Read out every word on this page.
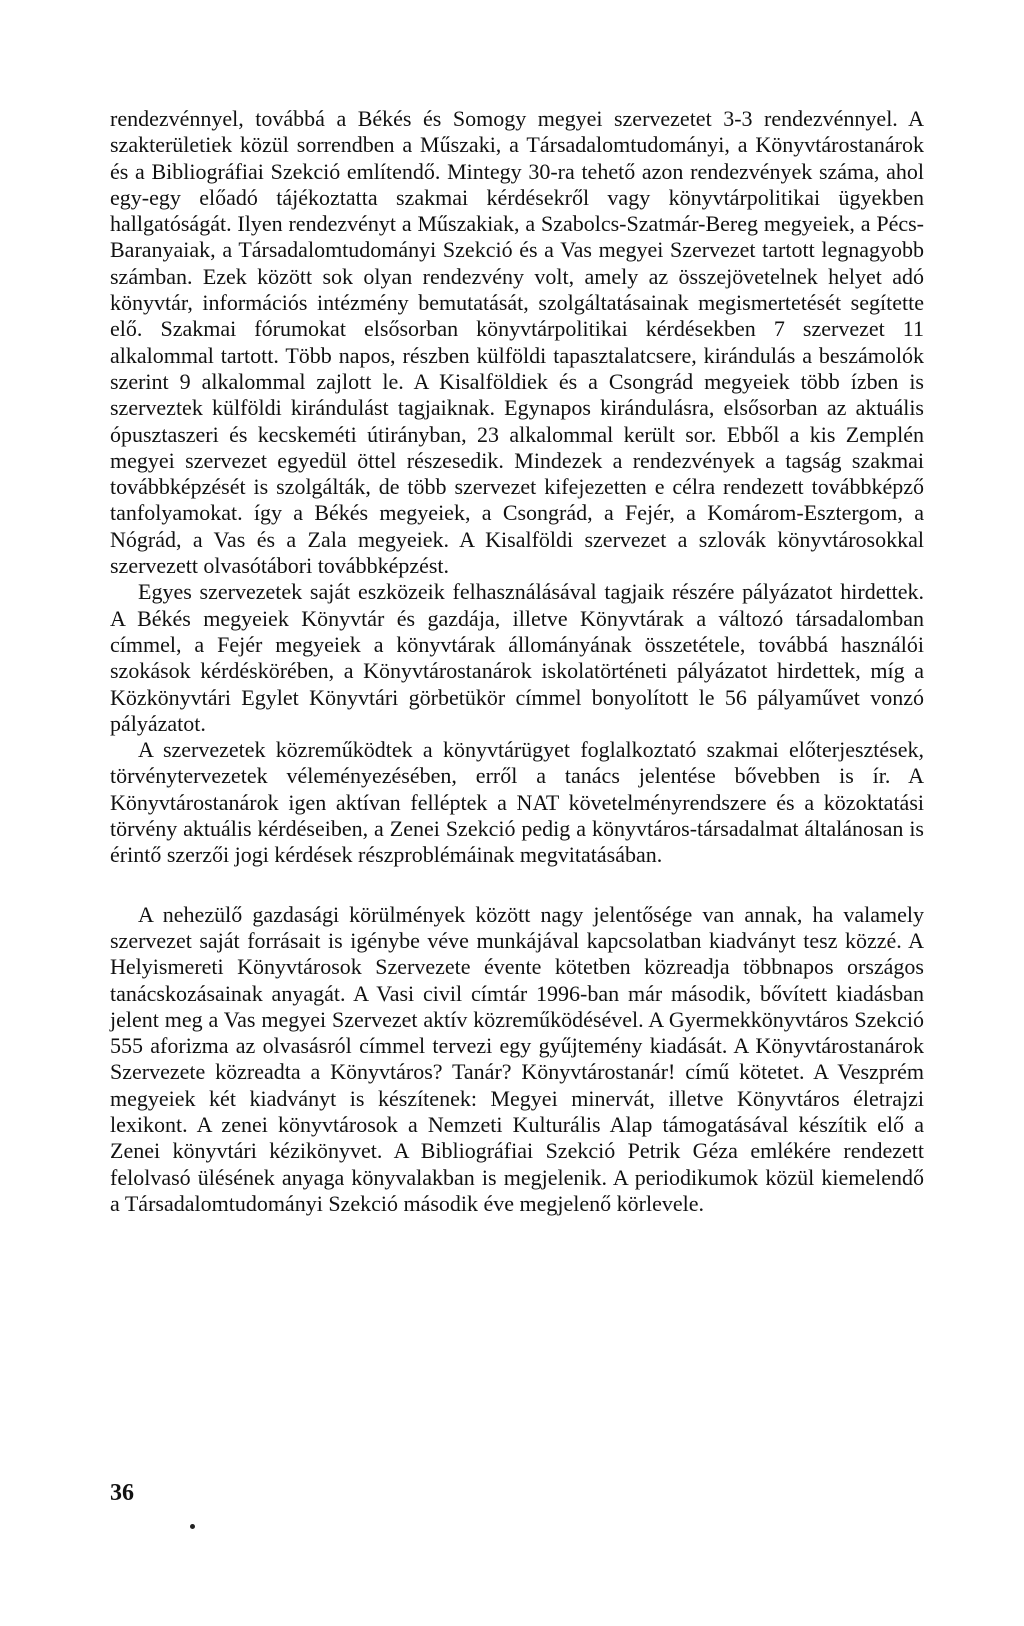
rendezvénnyel, továbbá a Békés és Somogy megyei szervezetet 3-3 rendezvénnyel. A szakterületiek közül sorrendben a Műszaki, a Társadalomtudományi, a Könyvtárostanárok és a Bibliográfiai Szekció említendő. Mintegy 30-ra tehető azon rendezvények száma, ahol egy-egy előadó tájékoztatta szakmai kérdésekről vagy könyvtárpolitikai ügyekben hallgatóságát. Ilyen rendezvényt a Műszakiak, a Szabolcs-Szatmár-Bereg megyeiek, a Pécs-Baranyaiak, a Társadalomtudományi Szekció és a Vas megyei Szervezet tartott legnagyobb számban. Ezek között sok olyan rendezvény volt, amely az összejövetelnek helyet adó könyvtár, információs intézmény bemutatását, szolgáltatásainak megismertetését segítette elő. Szakmai fórumokat elsősorban könyvtárpolitikai kérdésekben 7 szervezet 11 alkalommal tartott. Több napos, részben külföldi tapasztalatcsere, kirándulás a beszámolók szerint 9 alkalommal zajlott le. A Kisalföldiek és a Csongrád megyeiek több ízben is szerveztek külföldi kirándulást tagjaiknak. Egynapos kirándulásra, elsősorban az aktuális ópusztaszeri és kecskeméti útirányban, 23 alkalommal került sor. Ebből a kis Zemplén megyei szervezet egyedül öttel részesedik. Mindezek a rendezvények a tagság szakmai továbbképzését is szolgálták, de több szervezet kifejezetten e célra rendezett továbbképző tanfolyamokat. így a Békés megyeiek, a Csongrád, a Fejér, a Komárom-Esztergom, a Nógrád, a Vas és a Zala megyeiek. A Kisalföldi szervezet a szlovák könyvtárosokkal szervezett olvasótábori továbbképzést.

Egyes szervezetek saját eszközeik felhasználásával tagjaik részére pályázatot hirdettek. A Békés megyeiek Könyvtár és gazdája, illetve Könyvtárak a változó társadalomban címmel, a Fejér megyeiek a könyvtárak állományának összetétele, továbbá használói szokások kérdéskörében, a Könyvtárostanárok iskolatörténeti pályázatot hirdettek, míg a Közkönyvtári Egylet Könyvtári görbetükör címmel bonyolított le 56 pályaművet vonzó pályázatot.

A szervezetek közreműködtek a könyvtárügyet foglalkoztató szakmai előterjesztések, törvénytervezetek véleményezésében, erről a tanács jelentése bővebben is ír. A Könyvtárostanárok igen aktívan felléptek a NAT követelményrendszere és a közoktatási törvény aktuális kérdéseiben, a Zenei Szekció pedig a könyvtáros-társadalmat általánosan is érintő szerzői jogi kérdések részproblémáinak megvitatásában.

A nehezülő gazdasági körülmények között nagy jelentősége van annak, ha valamely szervezet saját forrásait is igénybe véve munkájával kapcsolatban kiadványt tesz közzé. A Helyismereti Könyvtárosok Szervezete évente kötetben közreadja többnapos országos tanácskozásainak anyagát. A Vasi civil címtár 1996-ban már második, bővített kiadásban jelent meg a Vas megyei Szervezet aktív közreműködésével. A Gyermekkönyvtáros Szekció 555 aforizma az olvasásról címmel tervezi egy gyűjtemény kiadását. A Könyvtárostanárok Szervezete közreadta a Könyvtáros? Tanár? Könyvtárostanár! című kötetet. A Veszprém megyeiek két kiadványt is készítenek: Megyei minervát, illetve Könyvtáros életrajzi lexikont. A zenei könyvtárosok a Nemzeti Kulturális Alap támogatásával készítik elő a Zenei könyvtári kézikönyvet. A Bibliográfiai Szekció Petrik Géza emlékére rendezett felolvasó ülésének anyaga könyvalakban is megjelenik. A periodikumok közül kiemelendő a Társadalomtudományi Szekció második éve megjelenő körlevele.

36
